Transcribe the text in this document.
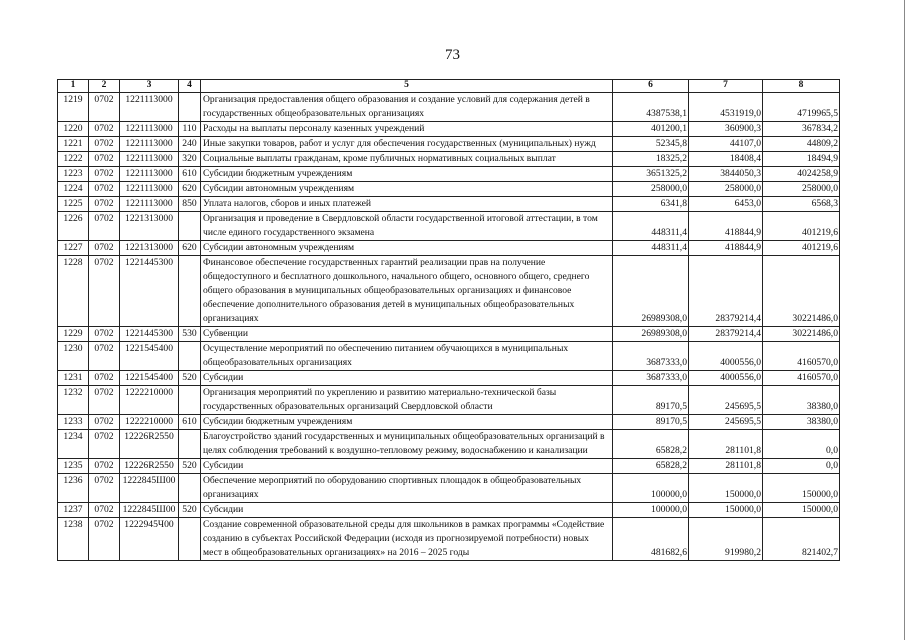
73
1	2	3	4	5	6	7	8
1219	0702	1221113000		Организация предоставления общего образования и создание условий для содержания детей в государственных общеобразовательных организациях	4387538,1	4531919,0	4719965,5
1220	0702	1221113000	110	Расходы на выплаты персоналу казенных учреждений	401200,1	360900,3	367834,2
1221	0702	1221113000	240	Иные закупки товаров, работ и услуг для обеспечения государственных (муниципальных) нужд	52345,8	44107,0	44809,2
1222	0702	1221113000	320	Социальные выплаты гражданам, кроме публичных нормативных социальных выплат	18325,2	18408,4	18494,9
1223	0702	1221113000	610	Субсидии бюджетным учреждениям	3651325,2	3844050,3	4024258,9
1224	0702	1221113000	620	Субсидии автономным учреждениям	258000,0	258000,0	258000,0
1225	0702	1221113000	850	Уплата налогов, сборов и иных платежей	6341,8	6453,0	6568,3
1226	0702	1221313000		Организация и проведение в Свердловской области государственной итоговой аттестации, в том числе единого государственного экзамена	448311,4	418844,9	401219,6
1227	0702	1221313000	620	Субсидии автономным учреждениям	448311,4	418844,9	401219,6
1228	0702	1221445300		Финансовое обеспечение государственных гарантий реализации прав на получение общедоступного и бесплатного дошкольного, начального общего, основного общего, среднего общего образования в муниципальных общеобразовательных организациях и финансовое обеспечение дополнительного образования детей в муниципальных общеобразовательных организациях	26989308,0	28379214,4	30221486,0
1229	0702	1221445300	530	Субвенции	26989308,0	28379214,4	30221486,0
1230	0702	1221545400		Осуществление мероприятий по обеспечению питанием обучающихся в муниципальных общеобразовательных организациях	3687333,0	4000556,0	4160570,0
1231	0702	1221545400	520	Субсидии	3687333,0	4000556,0	4160570,0
1232	0702	1222210000		Организация мероприятий по укреплению и развитию материально-технической базы государственных образовательных организаций Свердловской области	89170,5	245695,5	38380,0
1233	0702	1222210000	610	Субсидии бюджетным учреждениям	89170,5	245695,5	38380,0
1234	0702	12226R2550		Благоустройство зданий государственных и муниципальных общеобразовательных организаций в целях соблюдения требований к воздушно-тепловому режиму, водоснабжению и канализации	65828,2	281101,8	0,0
1235	0702	12226R2550	520	Субсидии	65828,2	281101,8	0,0
1236	0702	1222845Ш00		Обеспечение мероприятий по оборудованию спортивных площадок в общеобразовательных организациях	100000,0	150000,0	150000,0
1237	0702	1222845Ш00	520	Субсидии	100000,0	150000,0	150000,0
1238	0702	1222945Ч00		Создание современной образовательной среды для школьников в рамках программы «Содействие созданию в субъектах Российской Федерации (исходя из прогнозируемой потребности) новых мест в общеобразовательных организациях» на 2016 – 2025 годы	481682,6	919980,2	821402,7
